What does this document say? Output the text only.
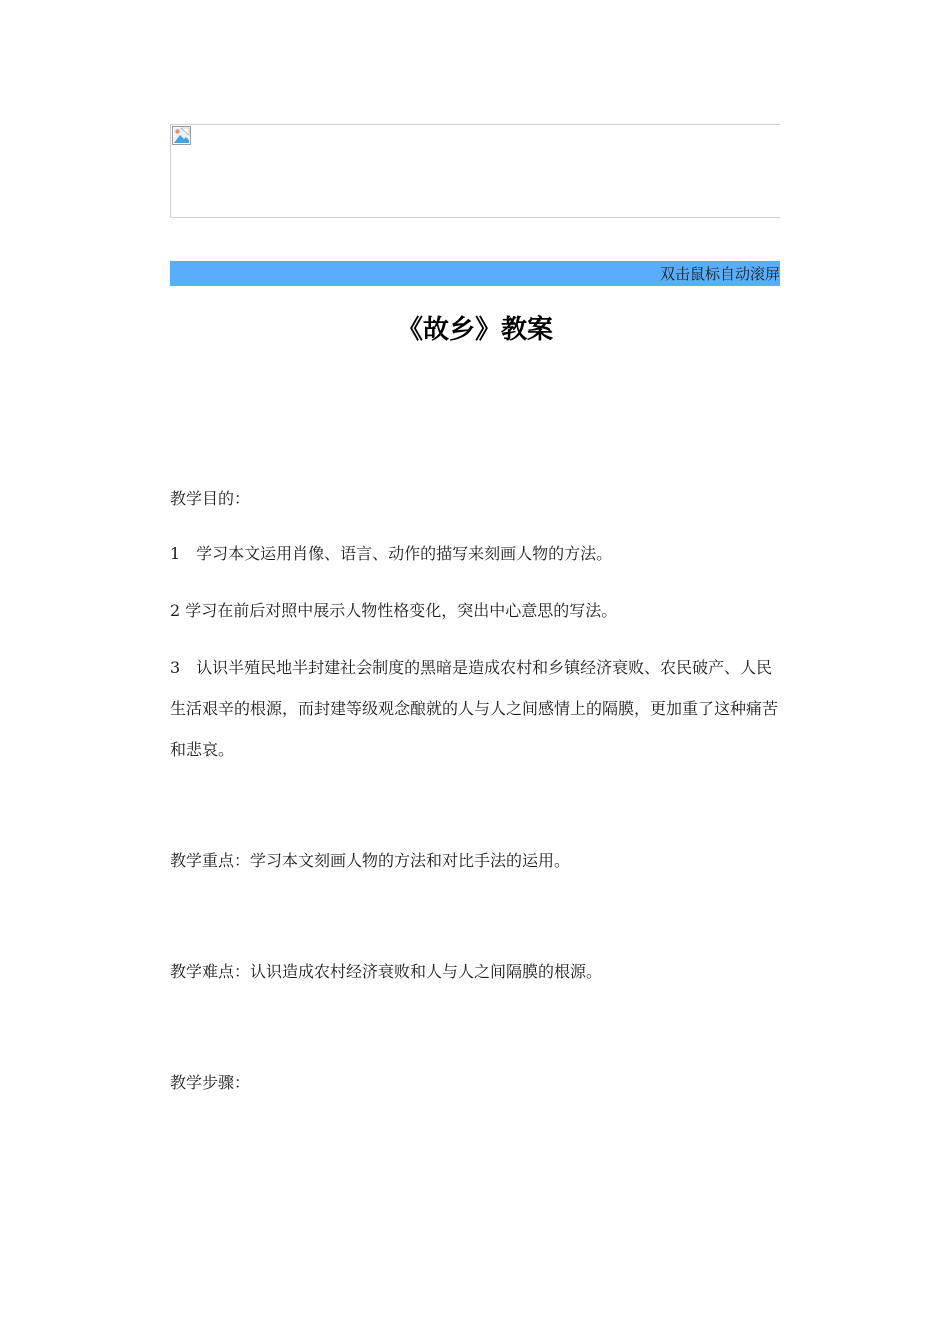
双击鼠标自动滚屏
《故乡》教案

教学目的：

1　学习本文运用肖像、语言、动作的描写来刻画人物的方法。

2 学习在前后对照中展示人物性格变化，突出中心意思的写法。

3　认识半殖民地半封建社会制度的黑暗是造成农村和乡镇经济衰败、农民破产、人民生活艰辛的根源，而封建等级观念酿就的人与人之间感情上的隔膜，更加重了这种痛苦和悲哀。

教学重点：学习本文刻画人物的方法和对比手法的运用。

教学难点：认识造成农村经济衰败和人与人之间隔膜的根源。

教学步骤：
